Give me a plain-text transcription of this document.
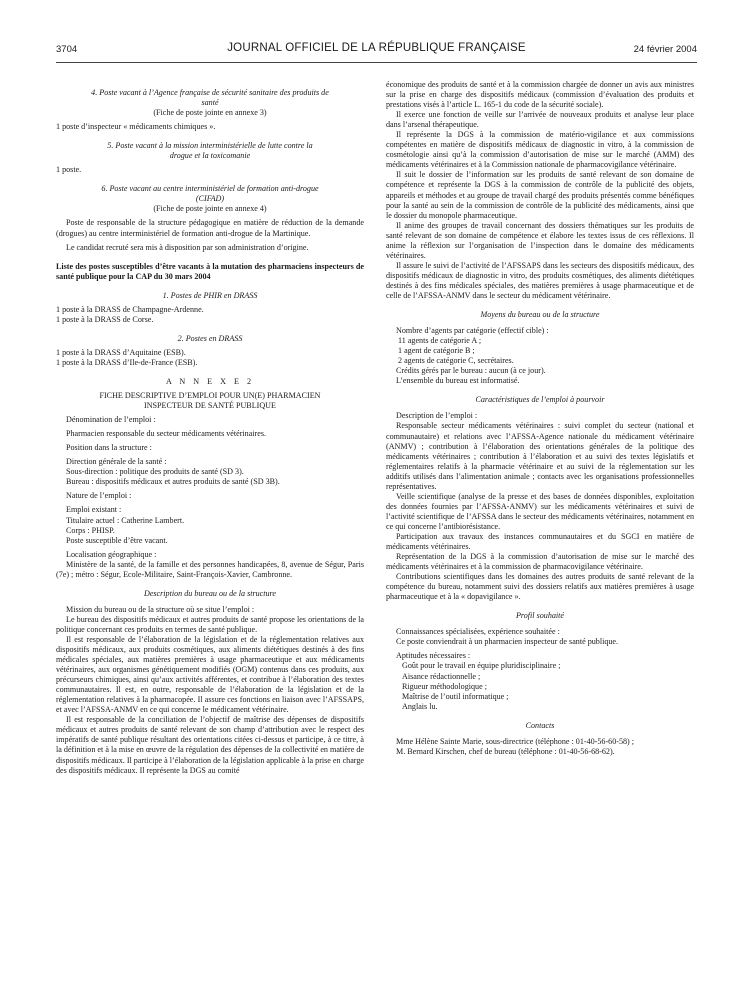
3704	JOURNAL OFFICIEL DE LA RÉPUBLIQUE FRANÇAISE	24 février 2004

4. Poste vacant à l’Agence française de sécurité sanitaire des produits de santé

(Fiche de poste jointe en annexe 3)

1 poste d’inspecteur « médicaments chimiques ».

5. Poste vacant à la mission interministérielle de lutte contre la drogue et la toxicomanie

1 poste.

6. Poste vacant au centre interministériel de formation anti-drogue (CIFAD)

(Fiche de poste jointe en annexe 4)

Poste de responsable de la structure pédagogique en matière de réduction de la demande (drogues) au centre interministériel de formation anti-drogue de la Martinique.

Le candidat recruté sera mis à disposition par son administration d’origine.

Liste des postes susceptibles d’être vacants à la mutation des pharmaciens inspecteurs de santé publique pour la CAP du 30 mars 2004

1. Postes de PHIR en DRASS

1 poste à la DRASS de Champagne-Ardenne.

1 poste à la DRASS de Corse.

2. Postes en DRASS

1 poste à la DRASS d’Aquitaine (ESB).

1 poste à la DRASS d’Ile-de-France (ESB).

A N N E X E 2

FICHE DESCRIPTIVE D’EMPLOI POUR UN(E) PHARMACIEN INSPECTEUR DE SANTÉ PUBLIQUE

Dénomination de l’emploi :

Pharmacien responsable du secteur médicaments vétérinaires.

Position dans la structure :

Direction générale de la santé :

Sous-direction : politique des produits de santé (SD 3).

Bureau : dispositifs médicaux et autres produits de santé (SD 3B).

Nature de l’emploi :

Emploi existant :

Titulaire actuel : Catherine Lambert.

Corps : PHISP.

Poste susceptible d’être vacant.

Localisation géographique :

Ministère de la santé, de la famille et des personnes handicapées, 8, avenue de Ségur, Paris (7e) ; métro : Ségur, Ecole-Militaire, Saint-François-Xavier, Cambronne.

Description du bureau ou de la structure

Mission du bureau ou de la structure où se situe l’emploi :

Le bureau des dispositifs médicaux et autres produits de santé propose les orientations de la politique concernant ces produits en termes de santé publique.

Il est responsable de l’élaboration de la législation et de la réglementation relatives aux dispositifs médicaux, aux produits cosmétiques, aux aliments diététiques destinés à des fins médicales spéciales, aux matières premières à usage pharmaceutique et aux médicaments vétérinaires, aux organismes génétiquement modifiés (OGM) contenus dans ces produits, aux précurseurs chimiques, ainsi qu’aux activités afférentes, et contribue à l’élaboration des textes communautaires. Il est, en outre, responsable de l’élaboration de la législation et de la réglementation relatives à la pharmacopée. Il assure ces fonctions en liaison avec l’AFSSAPS, et avec l’AFSSA-ANMV en ce qui concerne le médicament vétérinaire.

Il est responsable de la conciliation de l’objectif de maîtrise des dépenses de dispositifs médicaux et autres produits de santé relevant de son champ d’attribution avec le respect des impératifs de santé publique résultant des orientations citées ci-dessus et participe, à ce titre, à la définition et à la mise en œuvre de la régulation des dépenses de la collectivité en matière de dispositifs médicaux. Il participe à l’élaboration de la législation applicable à la prise en charge des dispositifs médicaux. Il représente la DGS au comité

économique des produits de santé et à la commission chargée de donner un avis aux ministres sur la prise en charge des dispositifs médicaux (commission d’évaluation des produits et prestations visés à l’article L. 165-1 du code de la sécurité sociale).

Il exerce une fonction de veille sur l’arrivée de nouveaux produits et analyse leur place dans l’arsenal thérapeutique.

Il représente la DGS à la commission de matério-vigilance et aux commissions compétentes en matière de dispositifs médicaux de diagnostic in vitro, à la commission de cosmétologie ainsi qu’à la commission d’autorisation de mise sur le marché (AMM) des médicaments vétérinaires et à la Commission nationale de pharmacovigilance vétérinaire.

Il suit le dossier de l’information sur les produits de santé relevant de son domaine de compétence et représente la DGS à la commission de contrôle de la publicité des objets, appareils et méthodes et au groupe de travail chargé des produits présentés comme bénéfiques pour la santé au sein de la commission de contrôle de la publicité des médicaments, ainsi que le dossier du monopole pharmaceutique.

Il anime des groupes de travail concernant des dossiers thématiques sur les produits de santé relevant de son domaine de compétence et élabore les textes issus de ces réflexions. Il anime la réflexion sur l’organisation de l’inspection dans le domaine des médicaments vétérinaires.

Il assure le suivi de l’activité de l’AFSSAPS dans les secteurs des dispositifs médicaux, des dispositifs médicaux de diagnostic in vitro, des produits cosmétiques, des aliments diététiques destinés à des fins médicales spéciales, des matières premières à usage pharmaceutique et de celle de l’AFSSA-ANMV dans le secteur du médicament vétérinaire.

Moyens du bureau ou de la structure

Nombre d’agents par catégorie (effectif cible) :

11 agents de catégorie A ;

1 agent de catégorie B ;

2 agents de catégorie C, secrétaires.

Crédits gérés par le bureau : aucun (à ce jour).

L’ensemble du bureau est informatisé.

Caractéristiques de l’emploi à pourvoir

Description de l’emploi :

Responsable secteur médicaments vétérinaires : suivi complet du secteur (national et communautaire) et relations avec l’AFSSA-Agence nationale du médicament vétérinaire (ANMV) ; contribution à l’élaboration des orientations générales de la politique des médicaments vétérinaires ; contribution à l’élaboration et au suivi des textes législatifs et réglementaires relatifs à la pharmacie vétérinaire et au suivi de la réglementation sur les additifs utilisés dans l’alimentation animale ; contacts avec les organisations professionnelles représentatives.

Veille scientifique (analyse de la presse et des bases de données disponibles, exploitation des données fournies par l’AFSSA-ANMV) sur les médicaments vétérinaires et suivi de l’activité scientifique de l’AFSSA dans le secteur des médicaments vétérinaires, notamment en ce qui concerne l’antibiorésistance.

Participation aux travaux des instances communautaires et du SGCI en matière de médicaments vétérinaires.

Représentation de la DGS à la commission d’autorisation de mise sur le marché des médicaments vétérinaires et à la commission de pharmacovigilance vétérinaire.

Contributions scientifiques dans les domaines des autres produits de santé relevant de la compétence du bureau, notamment suivi des dossiers relatifs aux matières premières à usage pharmaceutique et à la « dopavigilance ».

Profil souhaité

Connaissances spécialisées, expérience souhaitée :

Ce poste conviendrait à un pharmacien inspecteur de santé publique.

Aptitudes nécessaires :

Goût pour le travail en équipe pluridisciplinaire ;

Aisance rédactionnelle ;

Rigueur méthodologique ;

Maîtrise de l’outil informatique ;

Anglais lu.

Contacts

Mme Hélène Sainte Marie, sous-directrice (téléphone : 01-40-56-60-58) ;

M. Bernard Kirschen, chef de bureau (téléphone : 01-40-56-68-62).
